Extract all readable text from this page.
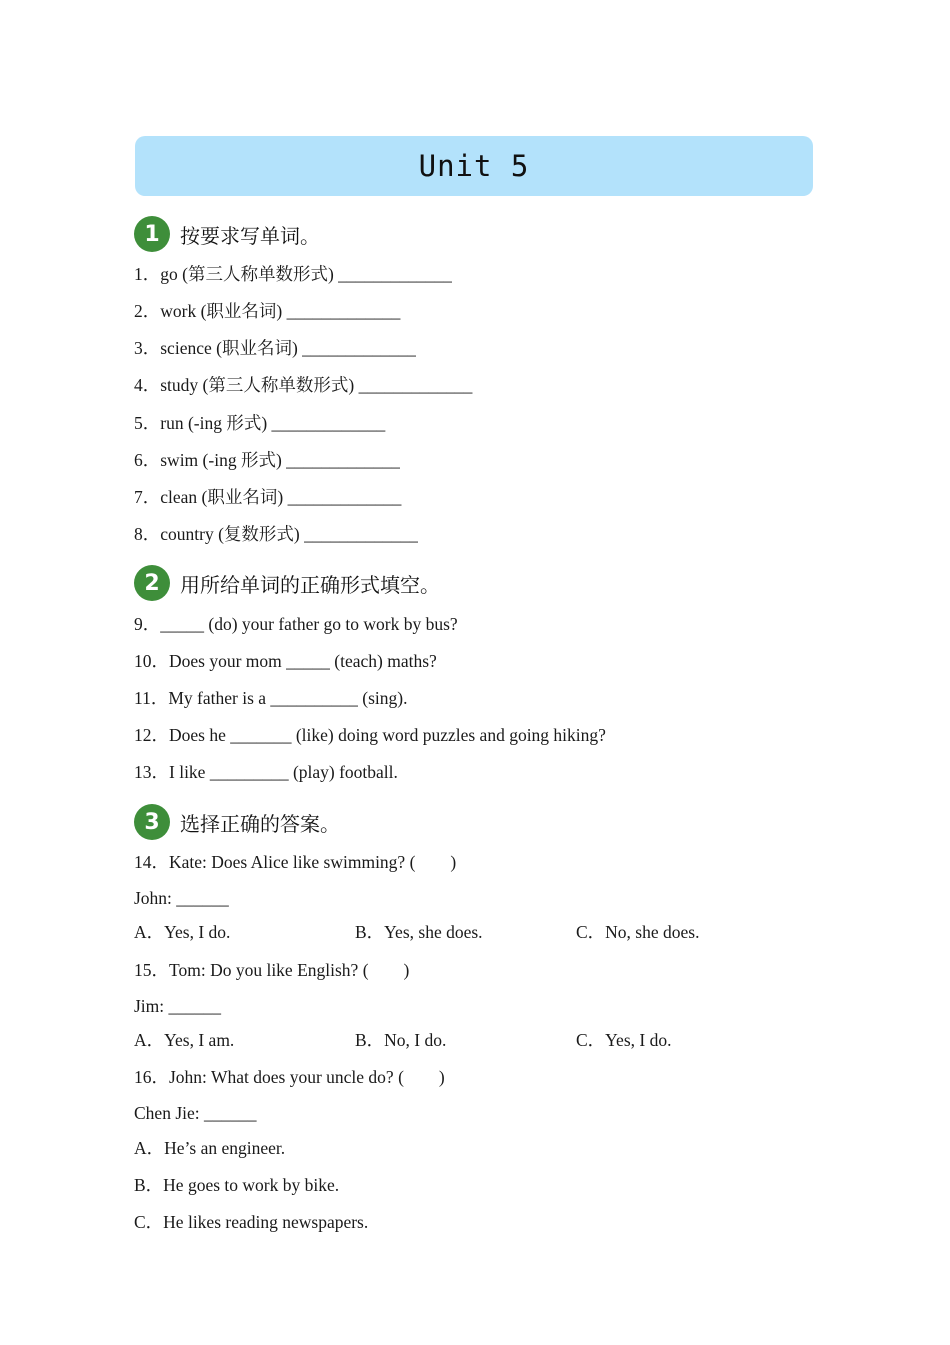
Unit 5
1	按要求写单词。
1．go (第三人称单数形式) _____________
2．work (职业名词) _____________
3．science (职业名词) _____________
4．study (第三人称单数形式) _____________
5．run (-ing 形式) _____________
6．swim (-ing 形式) _____________
7．clean (职业名词) _____________
8．country (复数形式) _____________
2	用所给单词的正确形式填空。
9．_____ (do) your father go to work by bus?
10．Does your mom _____ (teach) maths?
11．My father is a __________ (sing).
12．Does he _______ (like) doing word puzzles and going hiking?
13．I like _________ (play) football.
3	选择正确的答案。
14．Kate: Does Alice like swimming? (　　)
John: ______
A．Yes, I do.	B．Yes, she does.	C．No, she does.
15．Tom: Do you like English? (　　)
Jim: ______
A．Yes, I am.	B．No, I do.	C．Yes, I do.
16．John: What does your uncle do? (　　)
Chen Jie: ______
A．He’s an engineer.
B．He goes to work by bike.
C．He likes reading newspapers.
